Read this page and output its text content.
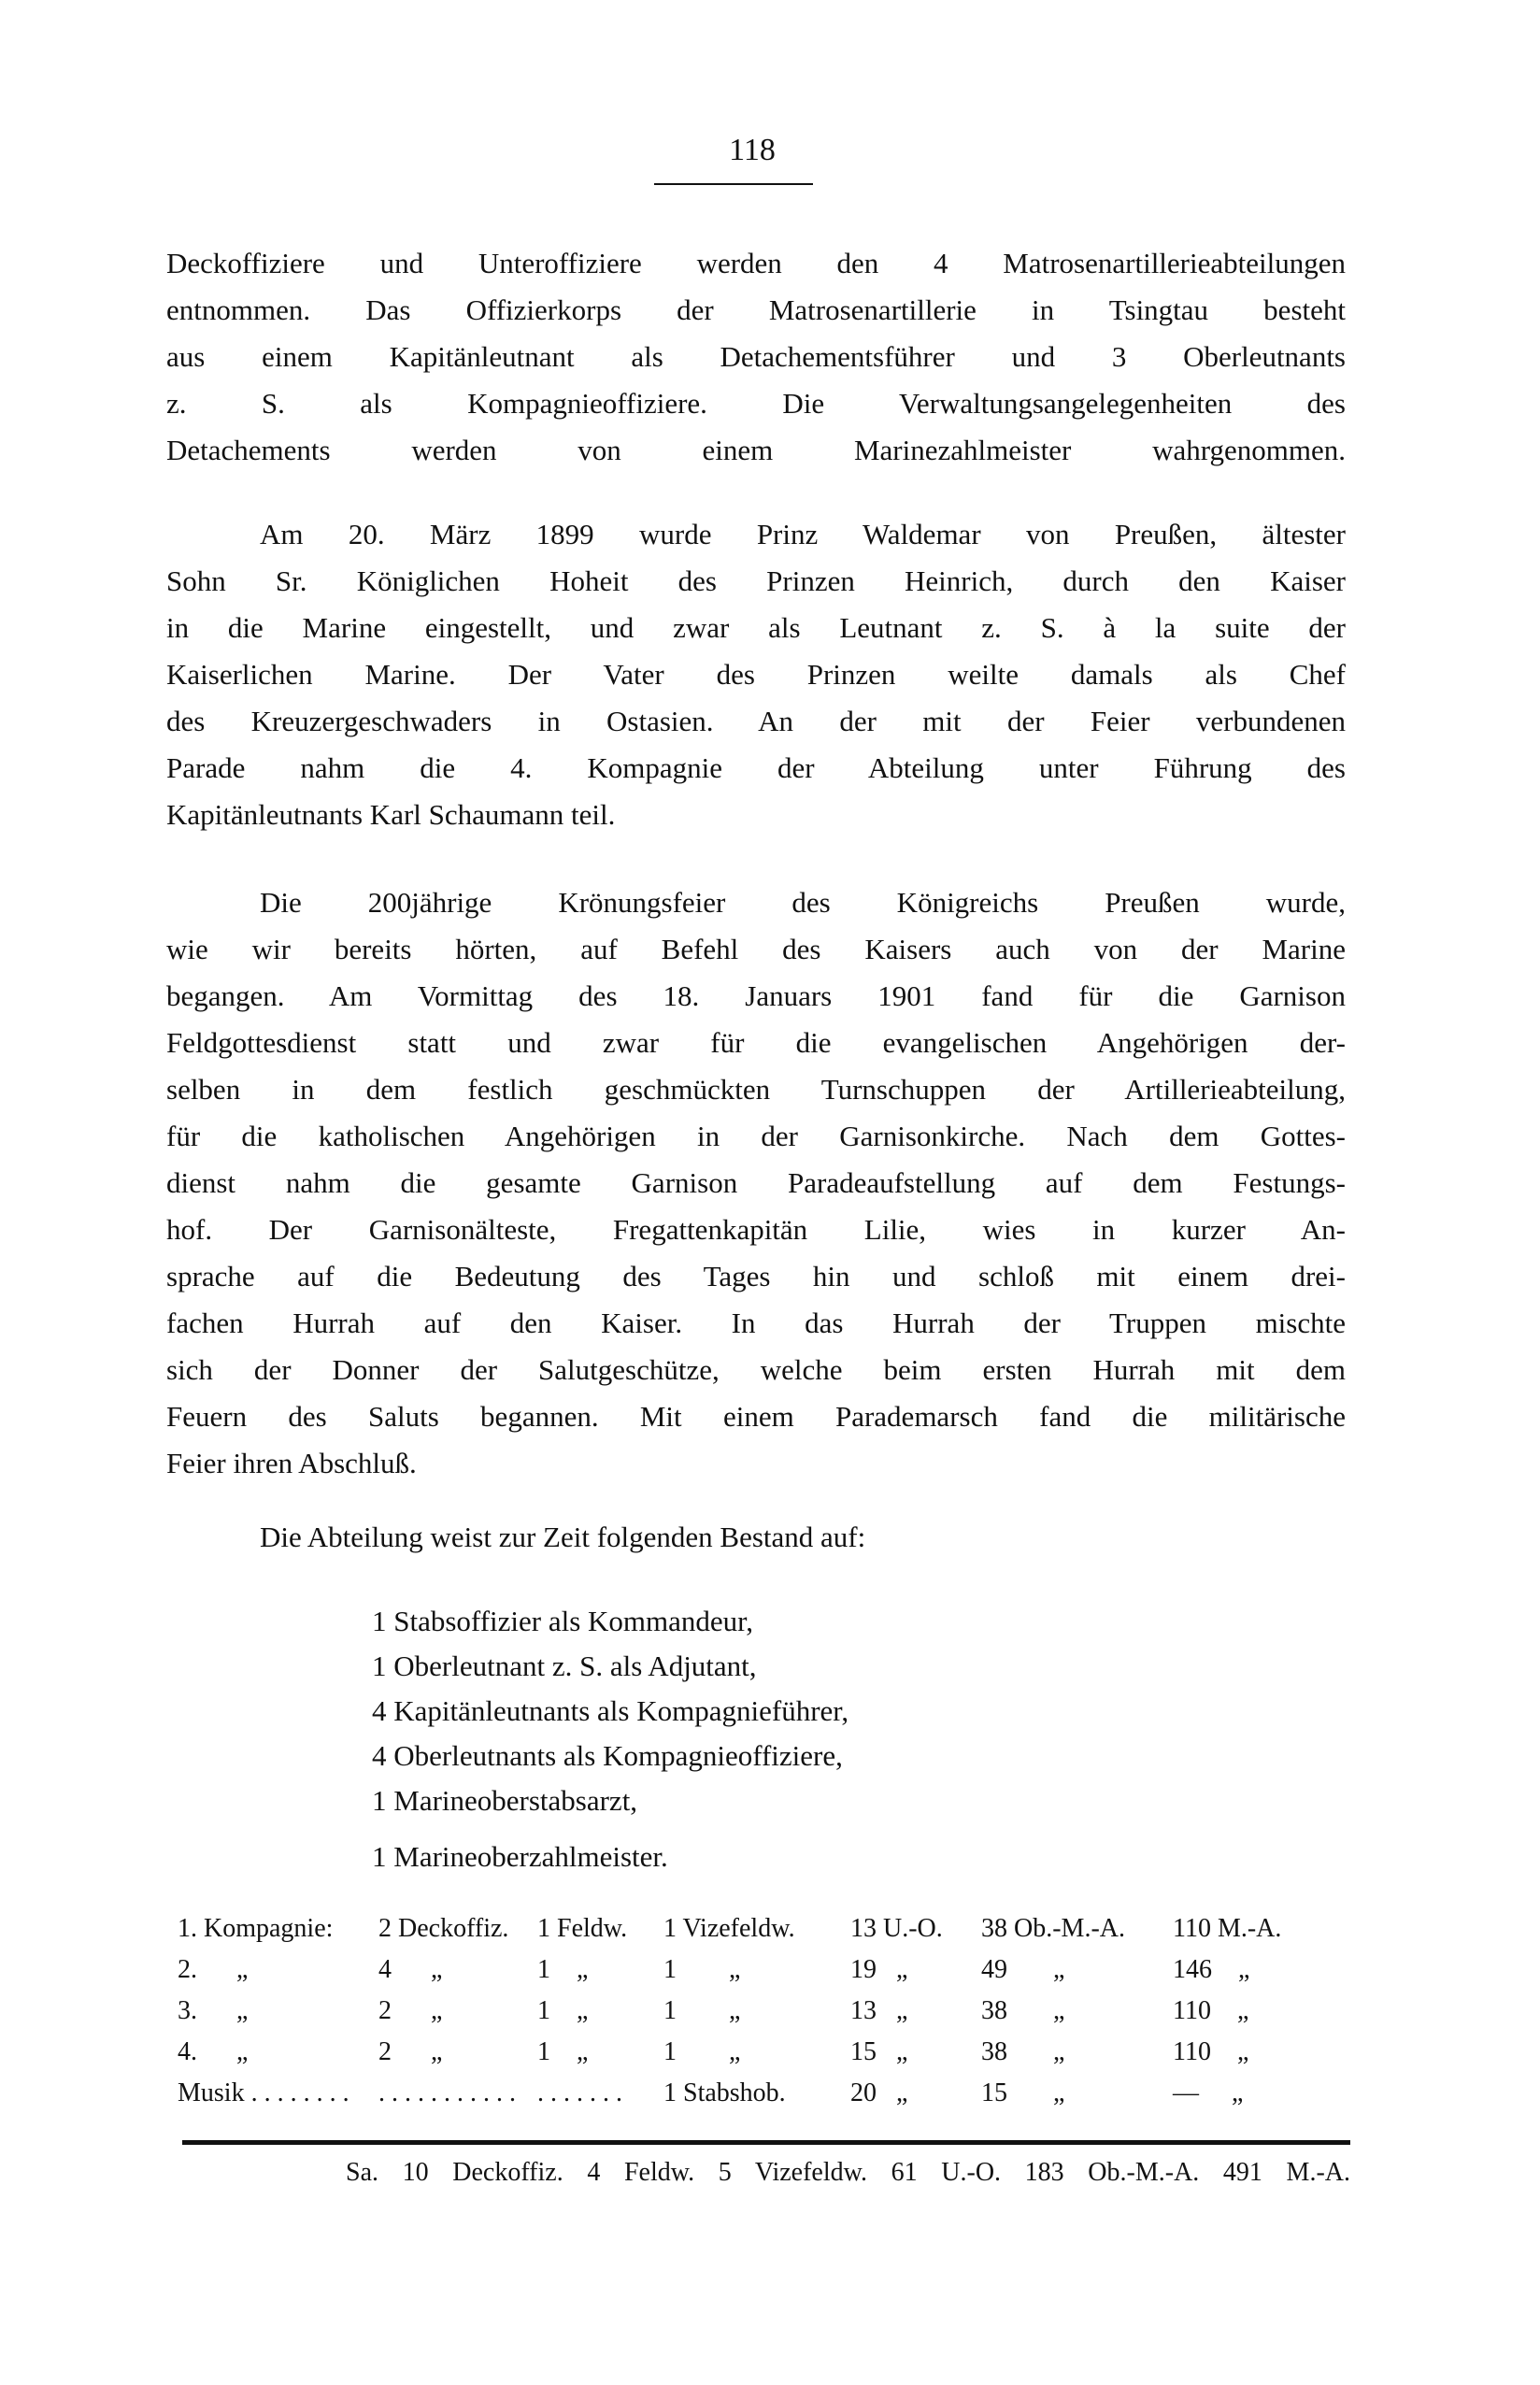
118
Deckoffiziere und Unteroffiziere werden den 4 Matrosenartillerieabteilungen
entnommen. Das Offizierkorps der Matrosenartillerie in Tsingtau besteht
aus einem Kapitänleutnant als Detachementsführer und 3 Oberleutnants
z. S. als Kompagnieoffiziere. Die Verwaltungsangelegenheiten des
Detachements werden von einem Marinezahlmeister wahrgenommen.
Am 20. März 1899 wurde Prinz Waldemar von Preußen, ältester
Sohn Sr. Königlichen Hoheit des Prinzen Heinrich, durch den Kaiser
in die Marine eingestellt, und zwar als Leutnant z. S. à la suite der
Kaiserlichen Marine. Der Vater des Prinzen weilte damals als Chef
des Kreuzergeschwaders in Ostasien. An der mit der Feier verbundenen
Parade nahm die 4. Kompagnie der Abteilung unter Führung des
Kapitänleutnants Karl Schaumann teil.
Die 200jährige Krönungsfeier des Königreichs Preußen wurde,
wie wir bereits hörten, auf Befehl des Kaisers auch von der Marine
begangen. Am Vormittag des 18. Januars 1901 fand für die Garnison
Feldgottesdienst statt und zwar für die evangelischen Angehörigen der-
selben in dem festlich geschmückten Turnschuppen der Artillerieabteilung,
für die katholischen Angehörigen in der Garnisonkirche. Nach dem Gottes-
dienst nahm die gesamte Garnison Paradeaufstellung auf dem Festungs-
hof. Der Garnisonälteste, Fregattenkapitän Lilie, wies in kurzer An-
sprache auf die Bedeutung des Tages hin und schloß mit einem drei-
fachen Hurrah auf den Kaiser. In das Hurrah der Truppen mischte
sich der Donner der Salutgeschütze, welche beim ersten Hurrah mit dem
Feuern des Saluts begannen. Mit einem Parademarsch fand die militärische
Feier ihren Abschluß.
Die Abteilung weist zur Zeit folgenden Bestand auf:
1 Stabsoffizier als Kommandeur,
1 Oberleutnant z. S. als Adjutant,
4 Kapitänleutnants als Kompagnieführer,
4 Oberleutnants als Kompagnieoffiziere,
1 Marineoberstabsarzt,
1 Marineoberzahlmeister.
1. Kompagnie:	2 Deckoffiz.	1 Feldw.	1 Vizefeldw.	13 U.-O.	38 Ob.-M.-A.	110 M.-A.
2.      „	4      „	1    „	1        „	19   „	49       „	146    „
3.      „	2      „	1    „	1        „	13   „	38       „	110    „
4.      „	2      „	1    „	1        „	15   „	38       „	110    „
Musik . . . . . . . .	. . . . . . . . . . . . . . . . . .	1 Stabshob.	20   „	15       „	—     „
Sa. 10 Deckoffiz. 4 Feldw. 5 Vizefeldw. 61 U.-O. 183 Ob.-M.-A. 491 M.-A.
